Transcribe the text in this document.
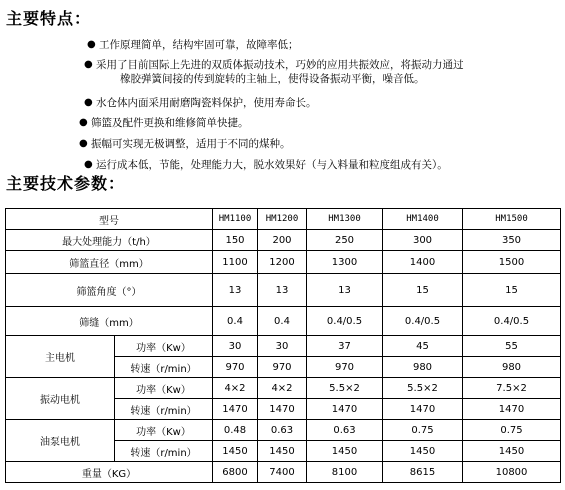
主要特点：
● 工作原理简单，结构牢固可靠，故障率低；
● 采用了目前国际上先进的双质体振动技术，巧妙的应用共振效应，将振动力通过
橡胶弹簧间接的传到旋转的主轴上，使得设备振动平衡，噪音低。
● 水仓体内面采用耐磨陶瓷料保护，使用寿命长。
● 筛篮及配件更换和维修简单快捷。
● 振幅可实现无极调整，适用于不同的煤种。
● 运行成本低，节能，处理能力大，脱水效果好（与入料量和粒度组成有关）。
主要技术参数：
型号		HM1100	HM1200	HM1300	HM1400	HM1500
最大处理能力（t/h）		150	200	250	300	350
筛篮直径（mm）		1100	1200	1300	1400	1500
筛篮角度（°）		13	13	13	15	15
筛缝（mm）		0.4	0.4	0.4/0.5	0.4/0.5	0.4/0.5
主电机	功率（Kw）	30	30	37	45	55
	转速（r/min）	970	970	970	980	980
振动电机	功率（Kw）	4×2	4×2	5.5×2	5.5×2	7.5×2
	转速（r/min）	1470	1470	1470	1470	1470
油泵电机	功率（Kw）	0.48	0.63	0.63	0.75	0.75
	转速（r/min）	1450	1450	1450	1450	1450
重量（KG）		6800	7400	8100	8615	10800
